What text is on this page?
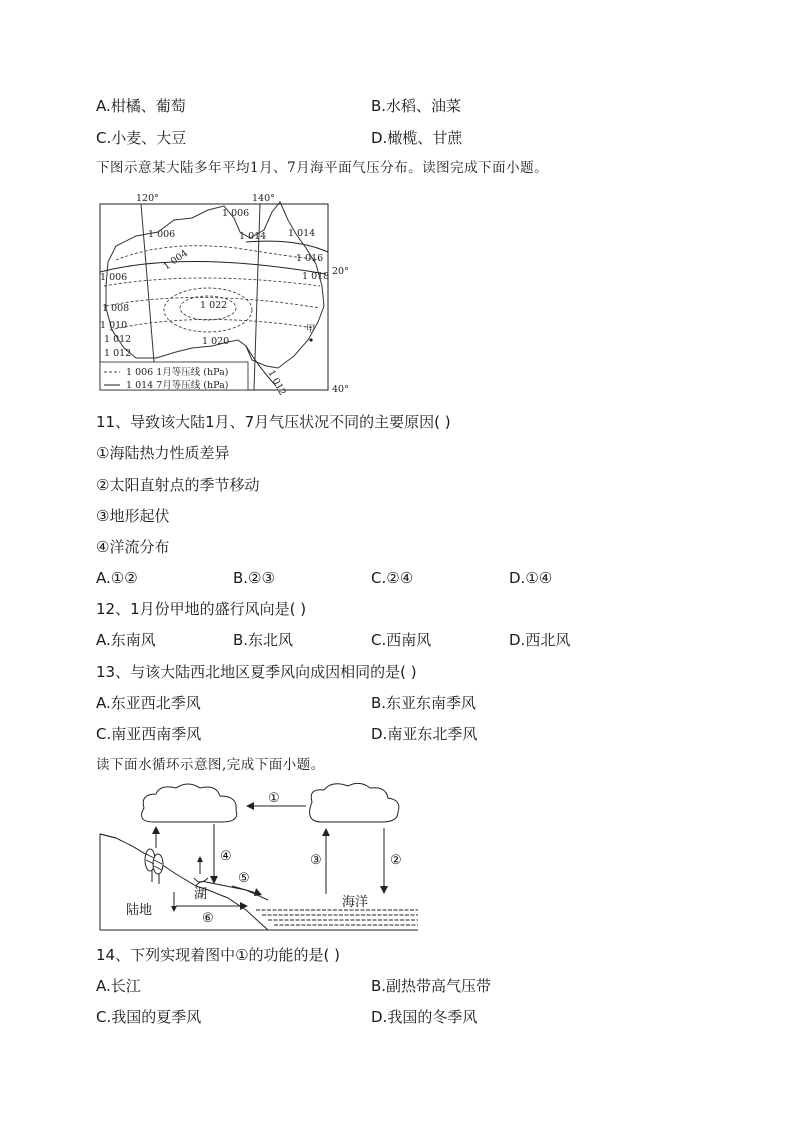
A.柑橘、葡萄	B.水稻、油菜
C.小麦、大豆	D.橄榄、甘蔗
下图示意某大陆多年平均1月、7月海平面气压分布。读图完成下面小题。
120°	140°
20°
40°
1 006
1 006	1 014 1 014
1 016
1 004
1 018
1 006
1 008	1 022
1 010
1 012
1 012
1 020
1 012
甲
1 006 1月等压线 (hPa)
1 014 7月等压线 (hPa)
11、导致该大陆1月、7月气压状况不同的主要原因( )
①海陆热力性质差异
②太阳直射点的季节移动
③地形起伏
④洋流分布
A.①②	B.②③	C.②④	D.①④
12、1月份甲地的盛行风向是( )
A.东南风	B.东北风	C.西南风	D.西北风
13、与该大陆西北地区夏季风向成因相同的是( )
A.东亚西北季风	B.东亚东南季风
C.南亚西南季风	D.南亚东北季风
读下面水循环示意图,完成下面小题。
①
④
⑤
⑥
③	②
陆地
湖
海洋
14、下列实现着图中①的功能的是( )
A.长江	B.副热带高气压带
C.我国的夏季风	D.我国的冬季风
